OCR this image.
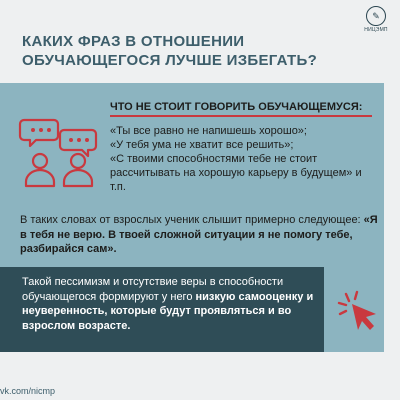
✎
НИЦЭМП
КАКИХ ФРАЗ В ОТНОШЕНИИ ОБУЧАЮЩЕГОСЯ ЛУЧШЕ ИЗБЕГАТЬ?
ЧТО НЕ СТОИТ ГОВОРИТЬ ОБУЧАЮЩЕМУСЯ:
«Ты все равно не напишешь хорошо»;
«У тебя ума не хватит все решить»;
«С твоими способностями тебе не стоит рассчитывать на хорошую карьеру в будущем» и т.п.
В таких словах от взрослых ученик слышит примерно следующее: «Я в тебя не верю. В твоей сложной ситуации я не помогу тебе, разбирайся сам».
Такой пессимизм и отсутствие веры в способности обучающегося формируют у него низкую самооценку и неуверенность, которые будут проявляться и во взрослом возрасте.
vk.com/nicmp
